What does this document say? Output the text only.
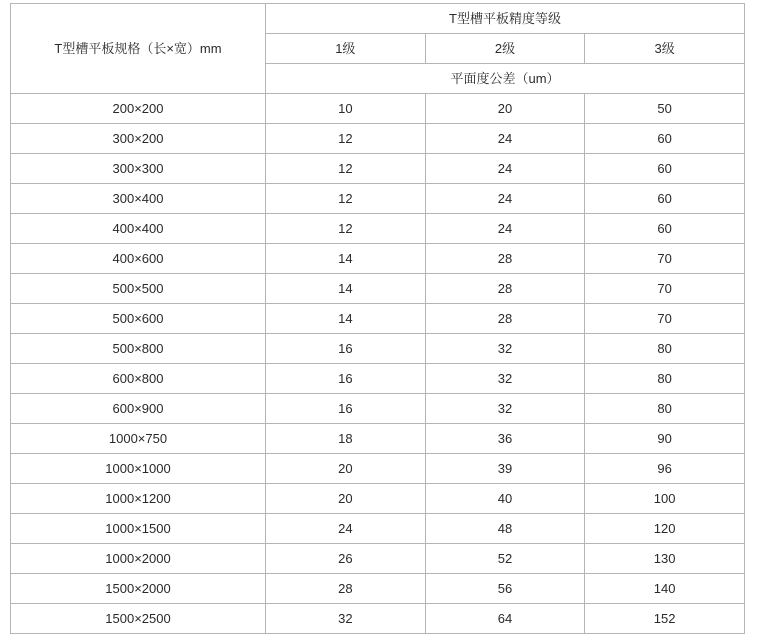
T型槽平板规格（长×宽）mm	T型槽平板精度等级		
	1级	2级	3级
	平面度公差（um）		
200×200	10	20	50
300×200	12	24	60
300×300	12	24	60
300×400	12	24	60
400×400	12	24	60
400×600	14	28	70
500×500	14	28	70
500×600	14	28	70
500×800	16	32	80
600×800	16	32	80
600×900	16	32	80
1000×750	18	36	90
1000×1000	20	39	96
1000×1200	20	40	100
1000×1500	24	48	120
1000×2000	26	52	130
1500×2000	28	56	140
1500×2500	32	64	152
